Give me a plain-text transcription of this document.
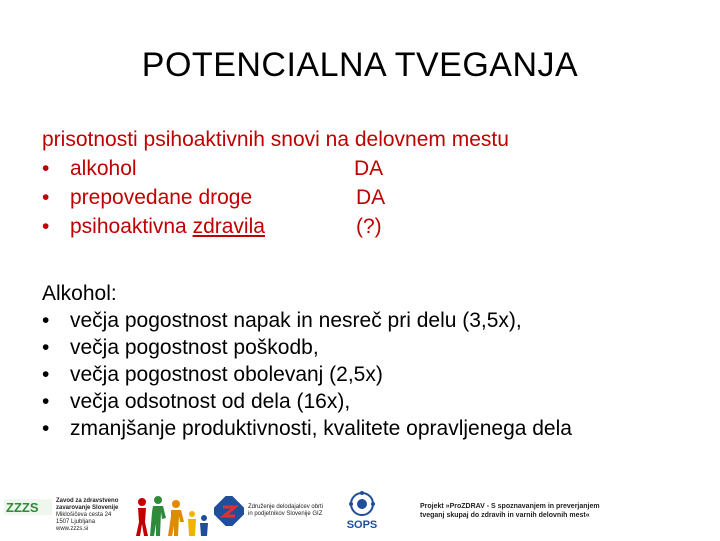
POTENCIALNA TVEGANJA
prisotnosti psihoaktivnih snovi na delovnem mestu
• alkohol	DA
• prepovedane droge	DA
• psihoaktivna zdravila	(?)
Alkohol:
• večja pogostnost napak in nesreč pri delu (3,5x),
• večja pogostnost poškodb,
• večja pogostnost obolevanj (2,5x)
• večja odsotnost od dela (16x),
• zmanjšanje produktivnosti, kvalitete opravljenega dela
ZZZS	Zavod za zdravstveno
zavarovanje Slovenije
Miklošičeva cesta 24
1507 Ljubljana
www.zzzs.si
Združenje delodajalcev obrti
in podjetnikov Slovenije GIZ
SOPS
Projekt »ProZDRAV - S spoznavanjem in preverjanjem
tveganj skupaj do zdravih in varnih delovnih mest«
